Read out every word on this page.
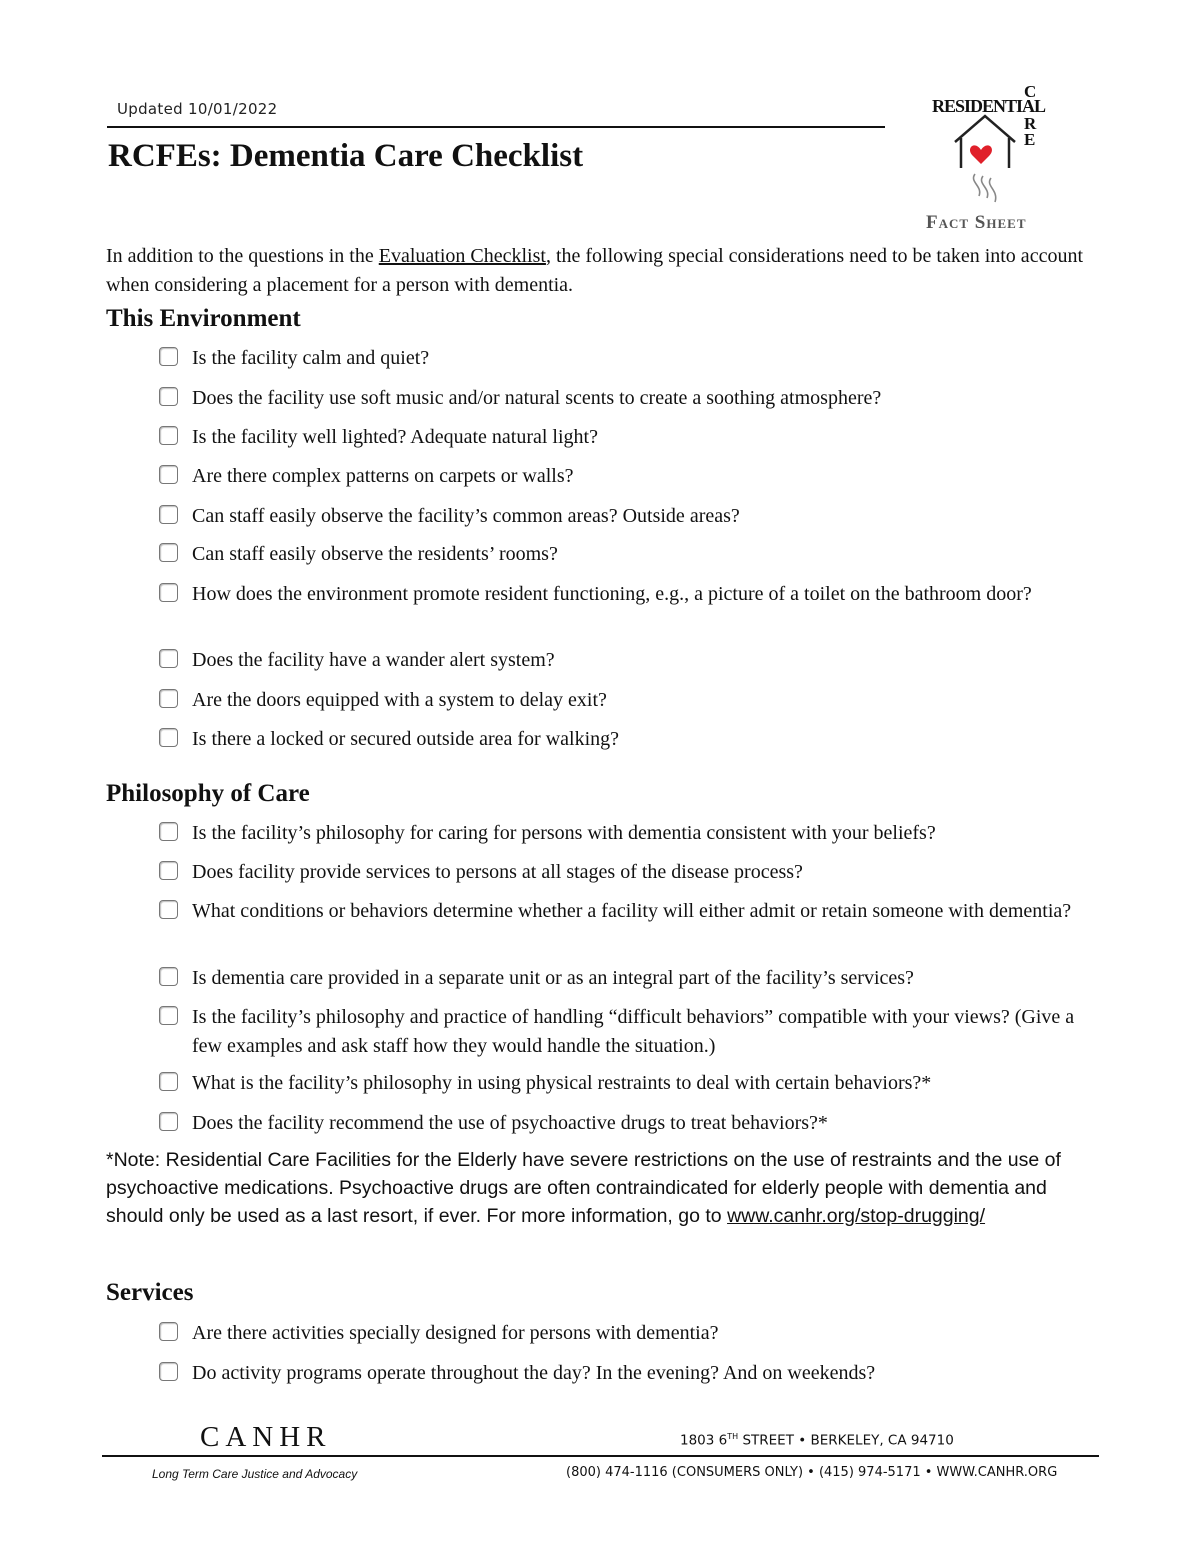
Updated 10/01/2022
RCFEs: Dementia Care Checklist
RESIDENTIAL
C
R
E
Fact Sheet

In addition to the questions in the Evaluation Checklist, the following special considerations need to be taken into account when considering a placement for a person with dementia.

This Environment
Is the facility calm and quiet?
Does the facility use soft music and/or natural scents to create a soothing atmosphere?
Is the facility well lighted? Adequate natural light?
Are there complex patterns on carpets or walls?
Can staff easily observe the facility’s common areas? Outside areas?
Can staff easily observe the residents’ rooms?
How does the environment promote resident functioning, e.g., a picture of a toilet on the bathroom door?
Does the facility have a wander alert system?
Are the doors equipped with a system to delay exit?
Is there a locked or secured outside area for walking?
Philosophy of Care
Is the facility’s philosophy for caring for persons with dementia consistent with your beliefs?
Does facility provide services to persons at all stages of the disease process?
What conditions or behaviors determine whether a facility will either admit or retain someone with dementia?
Is dementia care provided in a separate unit or as an integral part of the facility’s services?
Is the facility’s philosophy and practice of handling “difficult behaviors” compatible with your views? (Give a few examples and ask staff how they would handle the situation.)
What is the facility’s philosophy in using physical restraints to deal with certain behaviors?*
Does the facility recommend the use of psychoactive drugs to treat behaviors?*

*Note: Residential Care Facilities for the Elderly have severe restrictions on the use of restraints and the use of psychoactive medications. Psychoactive drugs are often contraindicated for elderly people with dementia and should only be used as a last resort, if ever. For more information, go to www.canhr.org/stop-drugging/

Services
Are there activities specially designed for persons with dementia?
Do activity programs operate throughout the day? In the evening? And on weekends?
CANHR	1803 6TH STREET • BERKELEY, CA 94710
Long Term Care Justice and Advocacy	(800) 474-1116 (CONSUMERS ONLY) • (415) 974-5171 • WWW.CANHR.ORG
